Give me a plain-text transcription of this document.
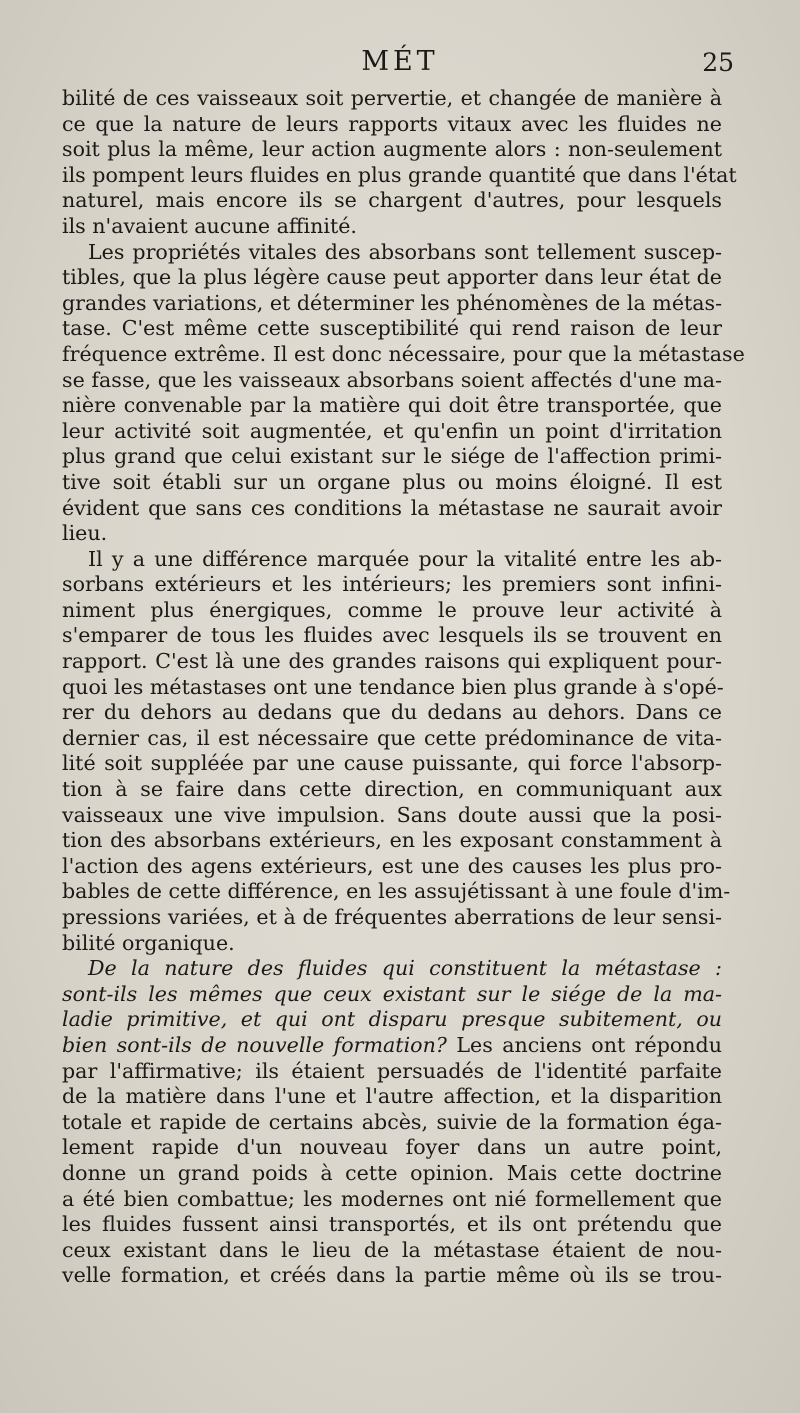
MÉT	25
bilité de ces vaisseaux soit pervertie, et changée de manière à
ce que la nature de leurs rapports vitaux avec les fluides ne
soit plus la même, leur action augmente alors : non-seulement
ils pompent leurs fluides en plus grande quantité que dans l'état
naturel, mais encore ils se chargent d'autres, pour lesquels
ils n'avaient aucune affinité.
Les propriétés vitales des absorbans sont tellement suscep-
tibles, que la plus légère cause peut apporter dans leur état de
grandes variations, et déterminer les phénomènes de la métas-
tase. C'est même cette susceptibilité qui rend raison de leur
fréquence extrême. Il est donc nécessaire, pour que la métastase
se fasse, que les vaisseaux absorbans soient affectés d'une ma-
nière convenable par la matière qui doit être transportée, que
leur activité soit augmentée, et qu'enfin un point d'irritation
plus grand que celui existant sur le siége de l'affection primi-
tive soit établi sur un organe plus ou moins éloigné. Il est
évident que sans ces conditions la métastase ne saurait avoir
lieu.
Il y a une différence marquée pour la vitalité entre les ab-
sorbans extérieurs et les intérieurs; les premiers sont infini-
niment plus énergiques, comme le prouve leur activité à
s'emparer de tous les fluides avec lesquels ils se trouvent en
rapport. C'est là une des grandes raisons qui expliquent pour-
quoi les métastases ont une tendance bien plus grande à s'opé-
rer du dehors au dedans que du dedans au dehors. Dans ce
dernier cas, il est nécessaire que cette prédominance de vita-
lité soit suppléée par une cause puissante, qui force l'absorp-
tion à se faire dans cette direction, en communiquant aux
vaisseaux une vive impulsion. Sans doute aussi que la posi-
tion des absorbans extérieurs, en les exposant constamment à
l'action des agens extérieurs, est une des causes les plus pro-
bables de cette différence, en les assujétissant à une foule d'im-
pressions variées, et à de fréquentes aberrations de leur sensi-
bilité organique.
De la nature des fluides qui constituent la métastase :
sont-ils les mêmes que ceux existant sur le siége de la ma-
ladie primitive, et qui ont disparu presque subitement, ou
bien sont-ils de nouvelle formation? Les anciens ont répondu
par l'affirmative; ils étaient persuadés de l'identité parfaite
de la matière dans l'une et l'autre affection, et la disparition
totale et rapide de certains abcès, suivie de la formation éga-
lement rapide d'un nouveau foyer dans un autre point,
donne un grand poids à cette opinion. Mais cette doctrine
a été bien combattue; les modernes ont nié formellement que
les fluides fussent ainsi transportés, et ils ont prétendu que
ceux existant dans le lieu de la métastase étaient de nou-
velle formation, et créés dans la partie même où ils se trou-
